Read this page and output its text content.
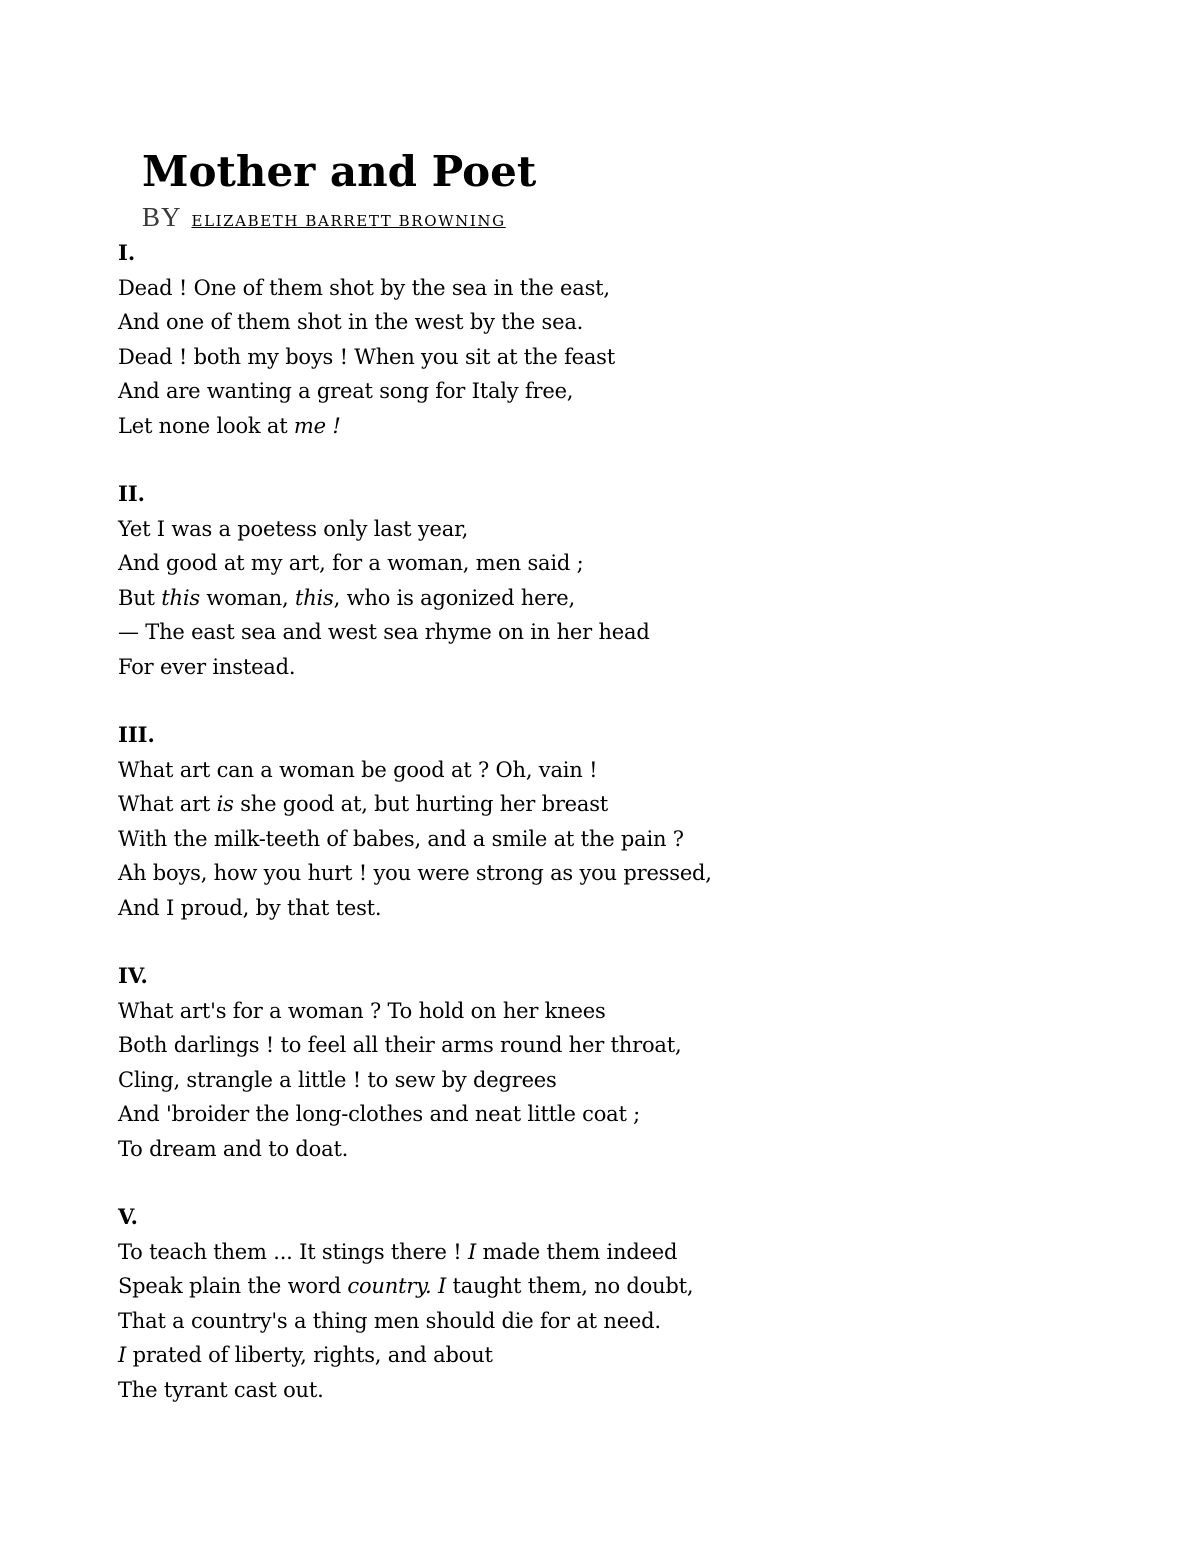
Mother and Poet
BY ELIZABETH BARRETT BROWNING
I.
Dead ! One of them shot by the sea in the east,
And one of them shot in the west by the sea.
Dead ! both my boys ! When you sit at the feast
And are wanting a great song for Italy free,
Let none look at me !
II.
Yet I was a poetess only last year,
And good at my art, for a woman, men said ;
But this woman, this, who is agonized here,
— The east sea and west sea rhyme on in her head
For ever instead.
III.
What art can a woman be good at ? Oh, vain !
What art is she good at, but hurting her breast
With the milk-teeth of babes, and a smile at the pain ?
Ah boys, how you hurt ! you were strong as you pressed,
And I proud, by that test.
IV.
What art's for a woman ? To hold on her knees
Both darlings ! to feel all their arms round her throat,
Cling, strangle a little ! to sew by degrees
And 'broider the long-clothes and neat little coat ;
To dream and to doat.
V.
To teach them ... It stings there ! I made them indeed
Speak plain the word country. I taught them, no doubt,
That a country's a thing men should die for at need.
I prated of liberty, rights, and about
The tyrant cast out.
